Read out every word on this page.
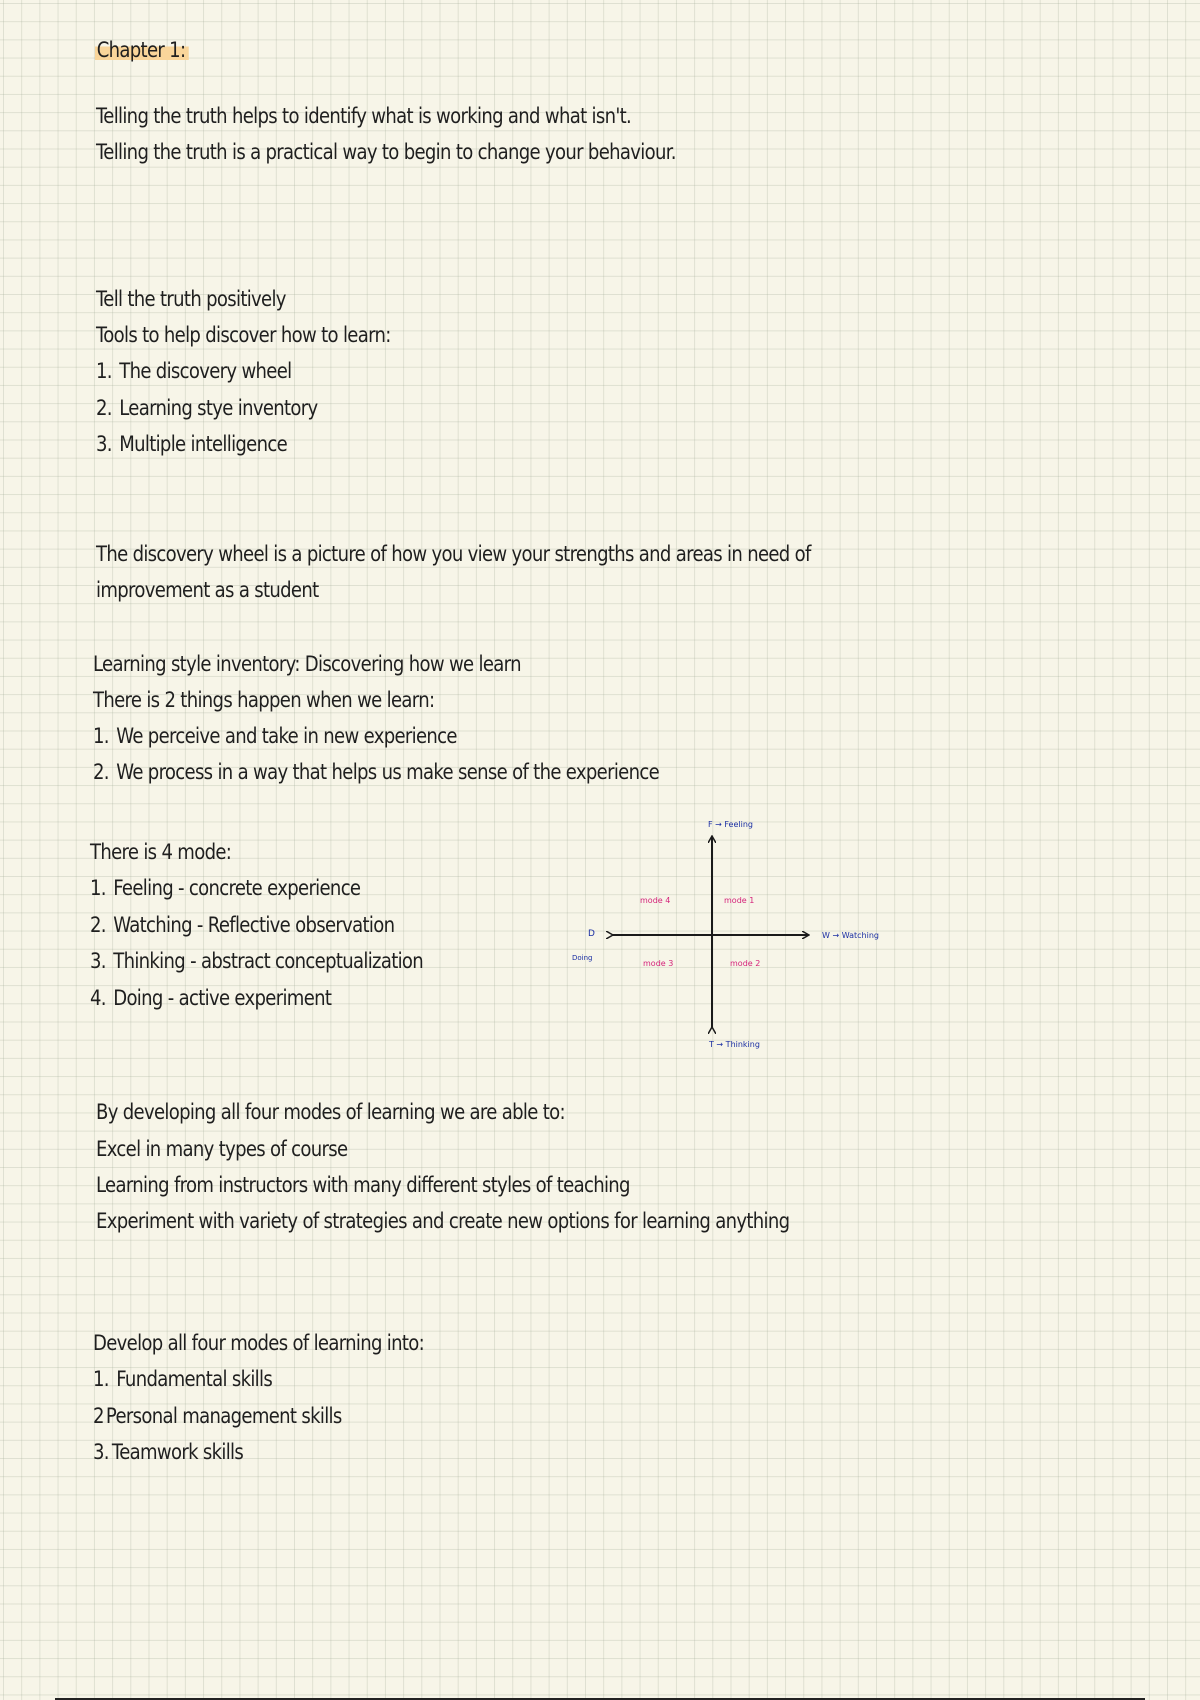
Chapter 1:
Telling the truth helps to identify what is working and what isn't.
Telling the truth is a practical way to begin to change your behaviour.
Tell the truth positively
Tools to help discover how to learn:
1. The discovery wheel
2. Learning stye inventory
3. Multiple intelligence
The discovery wheel is a picture of how you view your strengths and areas in need of
improvement as a student
Learning style inventory: Discovering how we learn
There is 2 things happen when we learn:
1. We perceive and take in new experience
2. We process in a way that helps us make sense of the experience
There is 4 mode:
1. Feeling - concrete experience
2. Watching - Reflective observation
3. Thinking - abstract conceptualization
4. Doing - active experiment
F → Feeling
W → Watching
T → Thinking
D
Doing
mode 4	mode 1
mode 3	mode 2
By developing all four modes of learning we are able to:
Excel in many types of course
Learning from instructors with many different styles of teaching
Experiment with variety of strategies and create new options for learning anything
Develop all four modes of learning into:
1. Fundamental skills
2Personal management skills
3. Teamwork skills
